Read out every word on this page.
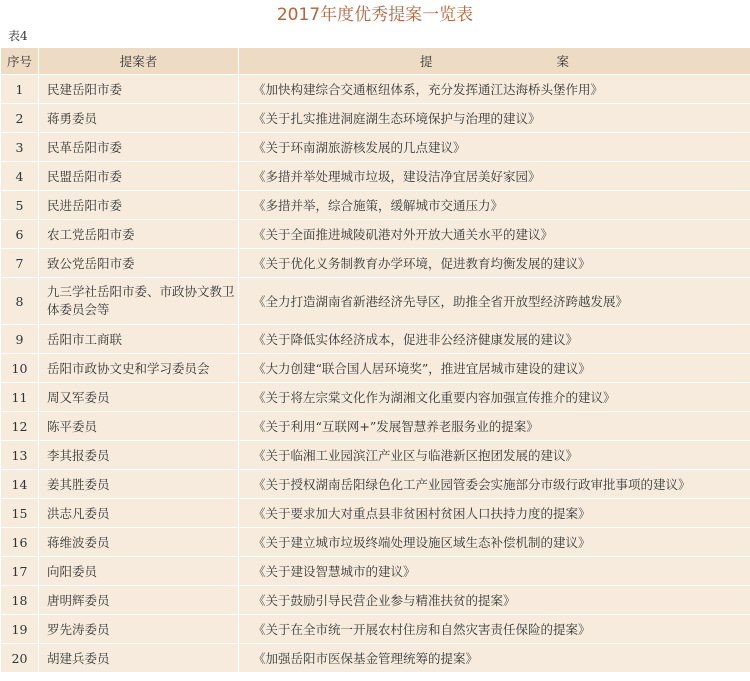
2017年度优秀提案一览表
表4
序号	提案者	提 案
1	民建岳阳市委	《加快构建综合交通枢纽体系，充分发挥通江达海桥头堡作用》
2	蒋勇委员	《关于扎实推进洞庭湖生态环境保护与治理的建议》
3	民革岳阳市委	《关于环南湖旅游核发展的几点建议》
4	民盟岳阳市委	《多措并举处理城市垃圾，建设洁净宜居美好家园》
5	民进岳阳市委	《多措并举，综合施策，缓解城市交通压力》
6	农工党岳阳市委	《关于全面推进城陵矶港对外开放大通关水平的建议》
7	致公党岳阳市委	《关于优化义务制教育办学环境，促进教育均衡发展的建议》
8	九三学社岳阳市委、市政协文教卫体委员会等	《全力打造湖南省新港经济先导区，助推全省开放型经济跨越发展》
9	岳阳市工商联	《关于降低实体经济成本，促进非公经济健康发展的建议》
10	岳阳市政协文史和学习委员会	《大力创建“联合国人居环境奖”，推进宜居城市建设的建议》
11	周又军委员	《关于将左宗棠文化作为湖湘文化重要内容加强宣传推介的建议》
12	陈平委员	《关于利用“互联网+”发展智慧养老服务业的提案》
13	李其报委员	《关于临湘工业园滨江产业区与临港新区抱团发展的建议》
14	姜其胜委员	《关于授权湖南岳阳绿色化工产业园管委会实施部分市级行政审批事项的建议》
15	洪志凡委员	《关于要求加大对重点县非贫困村贫困人口扶持力度的提案》
16	蒋维波委员	《关于建立城市垃圾终端处理设施区域生态补偿机制的建议》
17	向阳委员	《关于建设智慧城市的建议》
18	唐明辉委员	《关于鼓励引导民营企业参与精准扶贫的提案》
19	罗先涛委员	《关于在全市统一开展农村住房和自然灾害责任保险的提案》
20	胡建兵委员	《加强岳阳市医保基金管理统筹的提案》
